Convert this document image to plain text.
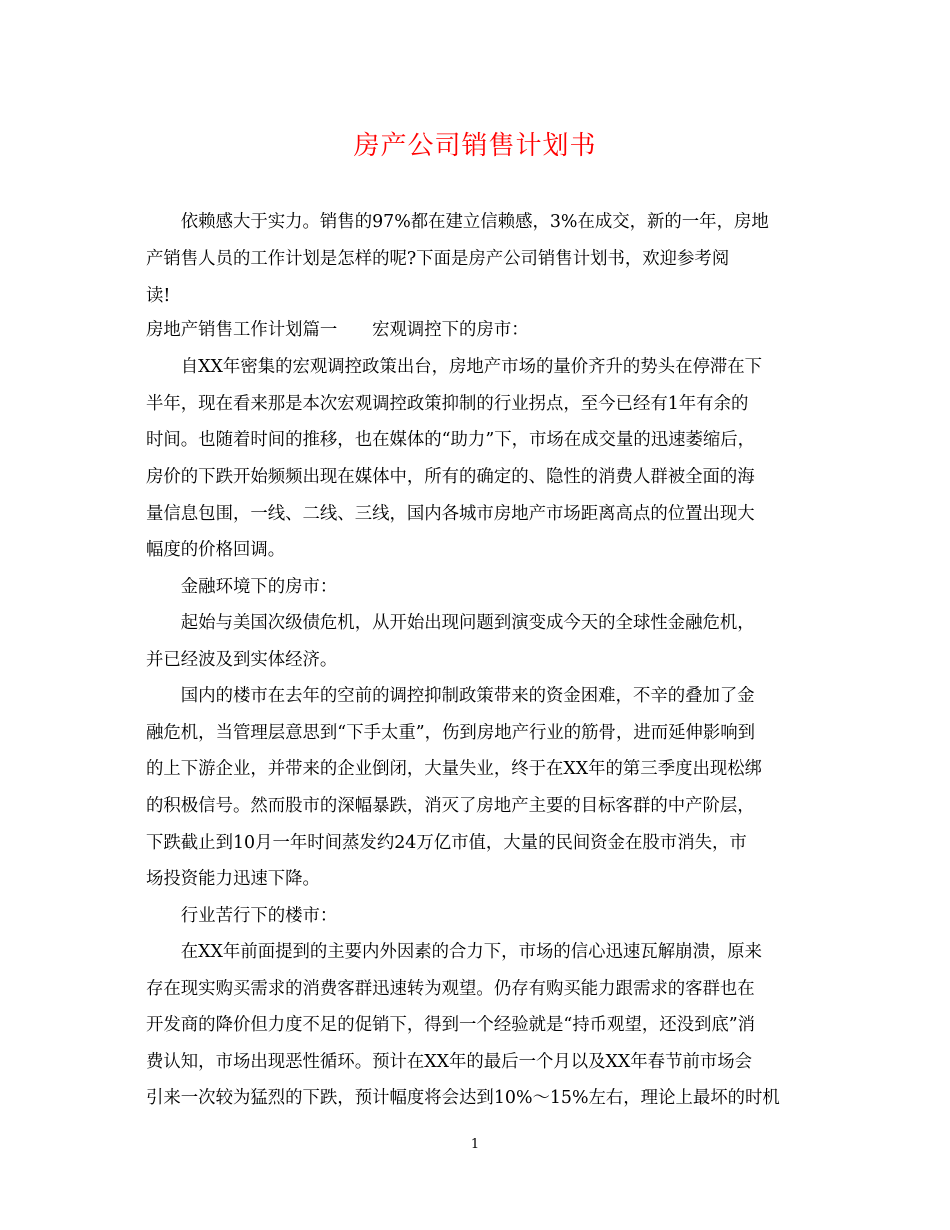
房产公司销售计划书
　　依赖感大于实力。销售的97%都在建立信赖感，3%在成交，新的一年，房地
产销售人员的工作计划是怎样的呢?下面是房产公司销售计划书，欢迎参考阅
读!
房地产销售工作计划篇一　　宏观调控下的房市：
　　自XX年密集的宏观调控政策出台，房地产市场的量价齐升的势头在停滞在下
半年，现在看来那是本次宏观调控政策抑制的行业拐点，至今已经有1年有余的
时间。也随着时间的推移，也在媒体的“助力”下，市场在成交量的迅速萎缩后，
房价的下跌开始频频出现在媒体中，所有的确定的、隐性的消费人群被全面的海
量信息包围，一线、二线、三线，国内各城市房地产市场距离高点的位置出现大
幅度的价格回调。
　　金融环境下的房市：
　　起始与美国次级债危机，从开始出现问题到演变成今天的全球性金融危机，
并已经波及到实体经济。
　　国内的楼市在去年的空前的调控抑制政策带来的资金困难，不辛的叠加了金
融危机，当管理层意思到“下手太重”，伤到房地产行业的筋骨，进而延伸影响到
的上下游企业，并带来的企业倒闭，大量失业，终于在XX年的第三季度出现松绑
的积极信号。然而股市的深幅暴跌，消灭了房地产主要的目标客群的中产阶层，
下跌截止到10月一年时间蒸发约24万亿市值，大量的民间资金在股市消失，市
场投资能力迅速下降。
　　行业苦行下的楼市：
　　在XX年前面提到的主要内外因素的合力下，市场的信心迅速瓦解崩溃，原来
存在现实购买需求的消费客群迅速转为观望。仍存有购买能力跟需求的客群也在
开发商的降价但力度不足的促销下，得到一个经验就是“持币观望，还没到底”消
费认知，市场出现恶性循环。预计在XX年的最后一个月以及XX年春节前市场会
引来一次较为猛烈的下跌，预计幅度将会达到10%～15%左右，理论上最坏的时机
1
